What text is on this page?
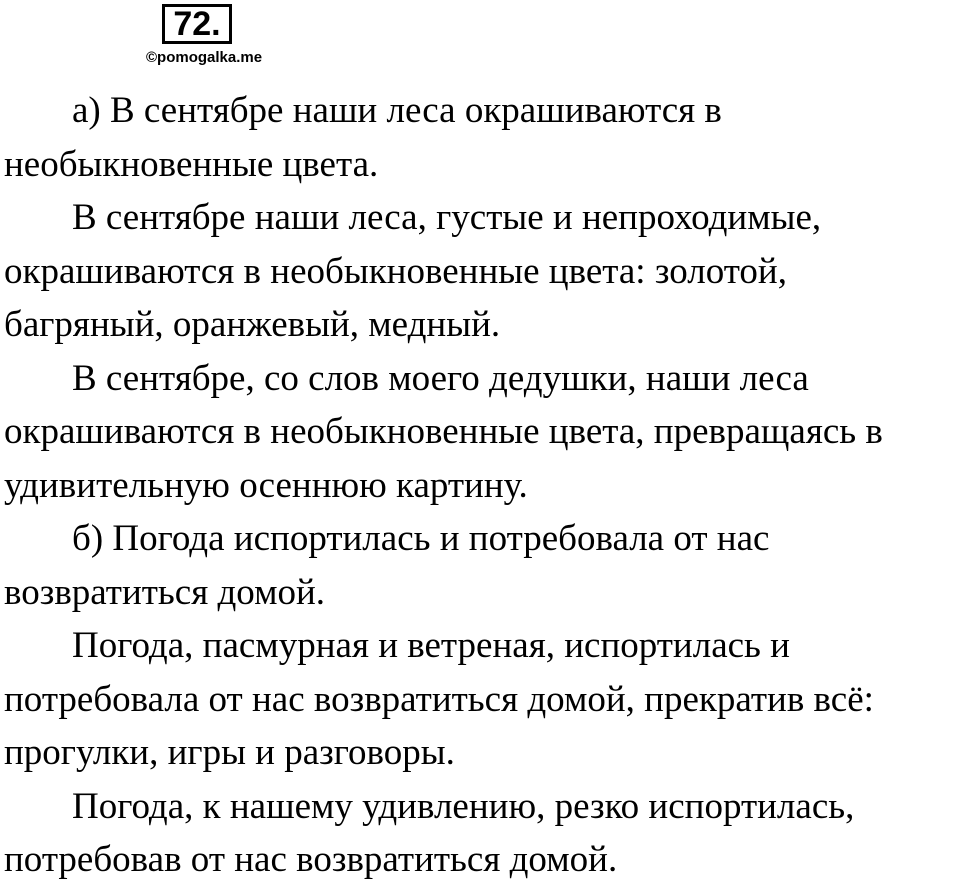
72.
©pomogalka.me
а) В сентябре наши леса окрашиваются в
необыкновенные цвета.
В сентябре наши леса, густые и непроходимые,
окрашиваются в необыкновенные цвета: золотой,
багряный, оранжевый, медный.
В сентябре, со слов моего дедушки, наши леса
окрашиваются в необыкновенные цвета, превращаясь в
удивительную осеннюю картину.
б) Погода испортилась и потребовала от нас
возвратиться домой.
Погода, пасмурная и ветреная, испортилась и
потребовала от нас возвратиться домой, прекратив всё:
прогулки, игры и разговоры.
Погода, к нашему удивлению, резко испортилась,
потребовав от нас возвратиться домой.
